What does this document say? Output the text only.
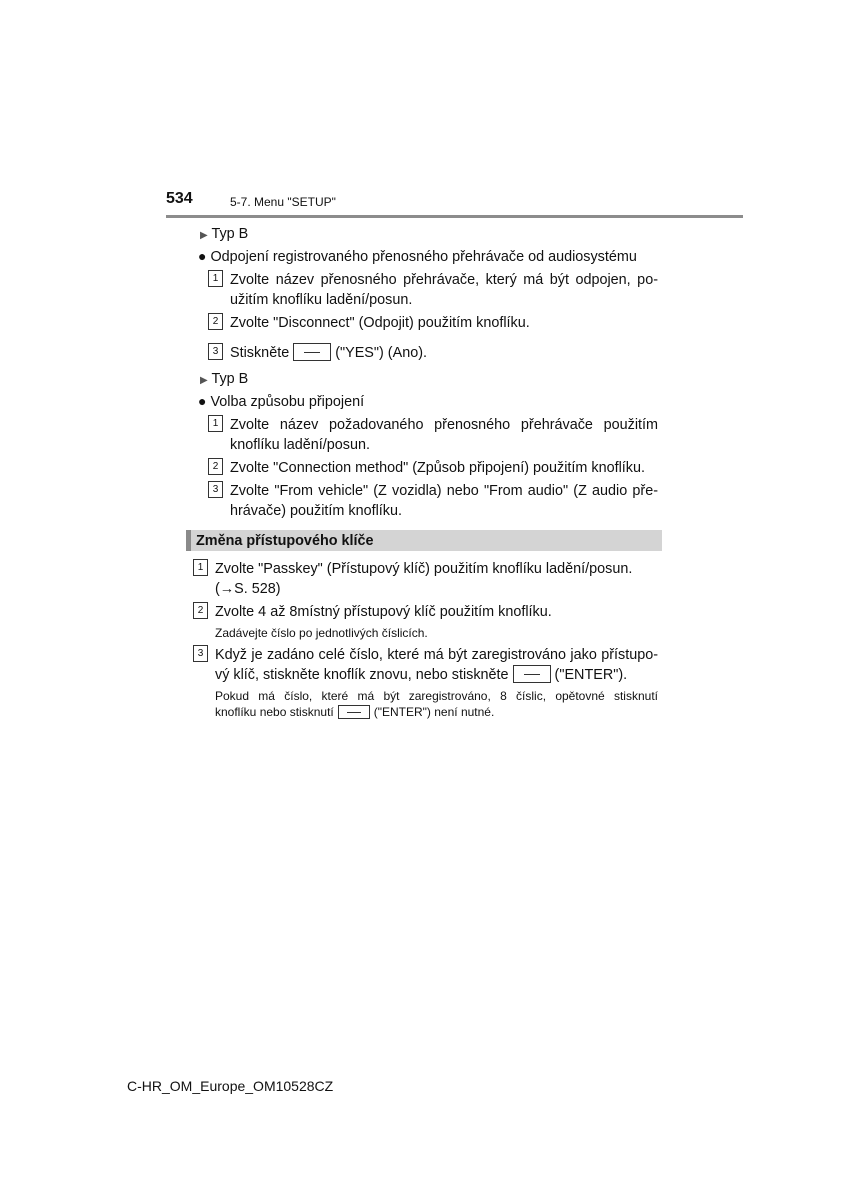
534	5-7. Menu "SETUP"
▶ Typ B
● Odpojení registrovaného přenosného přehrávače od audiosystému
1 Zvolte název přenosného přehrávače, který má být odpojen, po-
užitím knoflíku ladění/posun.
2 Zvolte "Disconnect" (Odpojit) použitím knoflíku.
3 Stiskněte	("YES") (Ano).
▶ Typ B
● Volba způsobu připojení
1 Zvolte název požadovaného přenosného přehrávače použitím
knoflíku ladění/posun.
2 Zvolte "Connection method" (Způsob připojení) použitím knoflíku.
3 Zvolte "From vehicle" (Z vozidla) nebo "From audio" (Z audio pře-
hrávače) použitím knoflíku.
Změna přístupového klíče
1 Zvolte "Passkey" (Přístupový klíč) použitím knoflíku ladění/posun.
(→S. 528)
2 Zvolte 4 až 8místný přístupový klíč použitím knoflíku.
Zadávejte číslo po jednotlivých číslicích.
3 Když je zadáno celé číslo, které má být zaregistrováno jako přístupo-
vý klíč, stiskněte knoflík znovu, nebo stiskněte	("ENTER").
Pokud má číslo, které má být zaregistrováno, 8 číslic, opětovné stisknutí
knoflíku nebo stisknutí	("ENTER") není nutné.
C-HR_OM_Europe_OM10528CZ
